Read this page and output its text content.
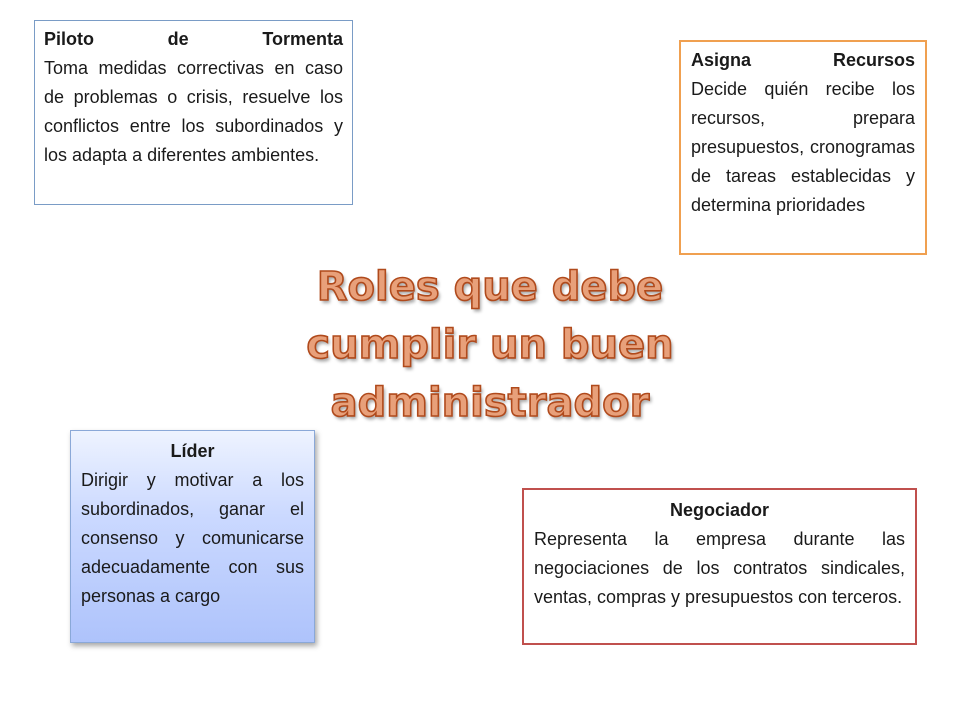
Piloto de Tormenta
Toma medidas correctivas en caso de problemas o crisis, resuelve los conflictos entre los subordinados y los adapta a diferentes ambientes.
Asigna Recursos
Decide quién recibe los recursos, prepara presupuestos, cronogramas de tareas establecidas y determina prioridades
Roles que debe
cumplir un buen
administrador
Líder
Dirigir y motivar a los subordinados, ganar el consenso y comunicarse adecuadamente con sus personas a cargo
Negociador
Representa la empresa durante las negociaciones de los contratos sindicales, ventas, compras y presupuestos con terceros.
